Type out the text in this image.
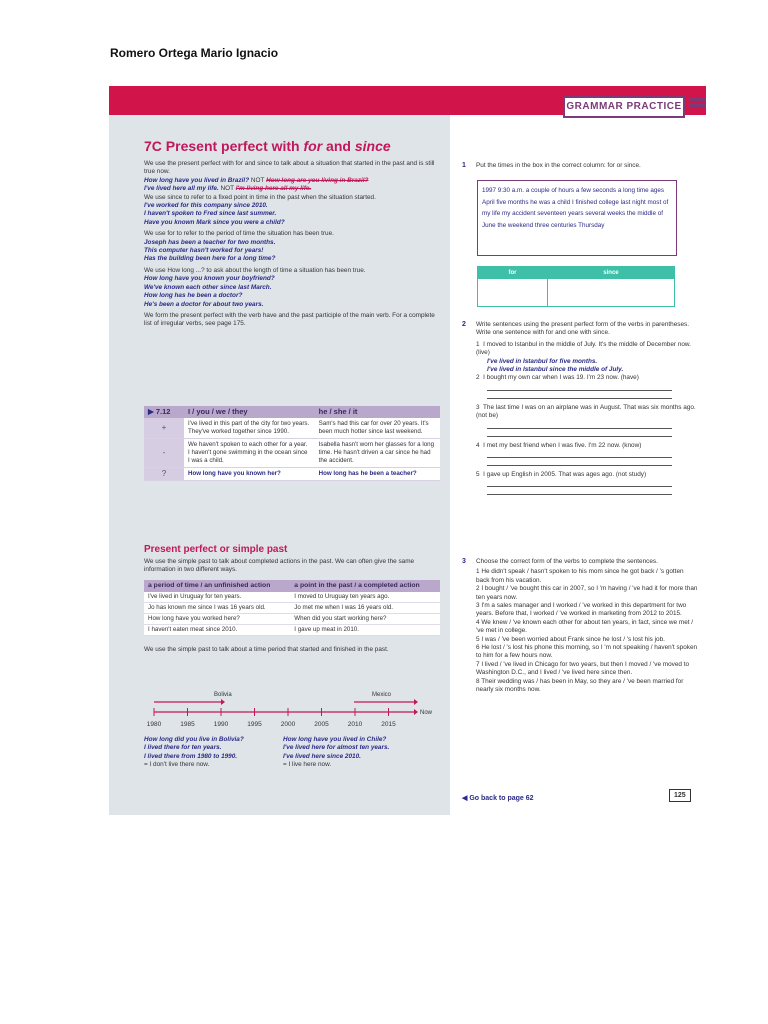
Romero Ortega Mario Ignacio
GRAMMAR PRACTICE
7C Present perfect with for and since

We use the present perfect with for and since to talk about a situation that started in the past and is still true now.

How long have you lived in Brazil? NOT How long are you living in Brazil?

I've lived here all my life. NOT I'm living here all my life.

We use since to refer to a fixed point in time in the past when the situation started.

I've worked for this company since 2010.

I haven't spoken to Fred since last summer.

Have you known Mark since you were a child?

We use for to refer to the period of time the situation has been true.

Joseph has been a teacher for two months.

This computer hasn't worked for years!

Has the building been here for a long time?

We use How long ...? to ask about the length of time a situation has been true.

How long have you known your boyfriend?

We've known each other since last March.

How long has he been a doctor?

He's been a doctor for about two years.

We form the present perfect with the verb have and the past participle of the main verb. For a complete list of irregular verbs, see page 175.

▶ 7.12	I / you / we / they	he / she / it
+	I've lived in this part of the city for two years. They've worked together since 1990.	Sam's had this car for over 20 years. It's been much hotter since last weekend.
-	We haven't spoken to each other for a year. I haven't gone swimming in the ocean since I was a child.	Isabella hasn't worn her glasses for a long time. He hasn't driven a car since he had the accident.
?	How long have you known her?	How long has he been a teacher?
Present perfect or simple past

We use the simple past to talk about completed actions in the past. We can often give the same information in two different ways.

a period of time / an unfinished action	a point in the past / a completed action
I've lived in Uruguay for ten years.	I moved to Uruguay ten years ago.
Jo has known me since I was 16 years old.	Jo met me when I was 16 years old.
How long have you worked here?	When did you start working here?
I haven't eaten meat since 2010.	I gave up meat in 2010.

We use the simple past to talk about a time period that started and finished in the past.

Bolivia	Mexico
Now
1980	1985	1990	1995	2000	2005	2010	2015

How long did you live in Bolivia?

I lived there for ten years.

I lived there from 1980 to 1990.

= I don't live there now.

How long have you lived in Chile?

I've lived here for almost ten years.

I've lived here since 2010.

= I live here now.

1 Put the times in the box in the correct column: for or since.
1997 9:30 a.m. a couple of hours a few seconds a long time ages April five months he was a child I finished college last night most of my life my accident seventeen years several weeks the middle of June the weekend three centuries Thursday
for	since

2 Write sentences using the present perfect form of the verbs in parentheses. Write one sentence with for and one with since.
1 I moved to Istanbul in the middle of July. It's the middle of December now. (live)
I've lived in Istanbul for five months.
I've lived in Istanbul since the middle of July.
2 I bought my own car when I was 19. I'm 23 now. (have)
3 The last time I was on an airplane was in August. That was six months ago. (not be)
4 I met my best friend when I was five. I'm 22 now. (know)
5 I gave up English in 2005. That was ages ago. (not study)
3 Choose the correct form of the verbs to complete the sentences.
1 He didn't speak / hasn't spoken to his mom since he got back / 's gotten back from his vacation.
2 I bought / 've bought this car in 2007, so I 'm having / 've had it for more than ten years now.
3 I'm a sales manager and I worked / 've worked in this department for two years. Before that, I worked / 've worked in marketing from 2012 to 2015.
4 We knew / 've known each other for about ten years, in fact, since we met / 've met in college.
5 I was / 've been worried about Frank since he lost / 's lost his job.
6 He lost / 's lost his phone this morning, so I 'm not speaking / haven't spoken to him for a few hours now.
7 I lived / 've lived in Chicago for two years, but then I moved / 've moved to Washington D.C., and I lived / 've lived here since then.
8 Their wedding was / has been in May, so they are / 've been married for nearly six months now.
◀ Go back to page 62	125
